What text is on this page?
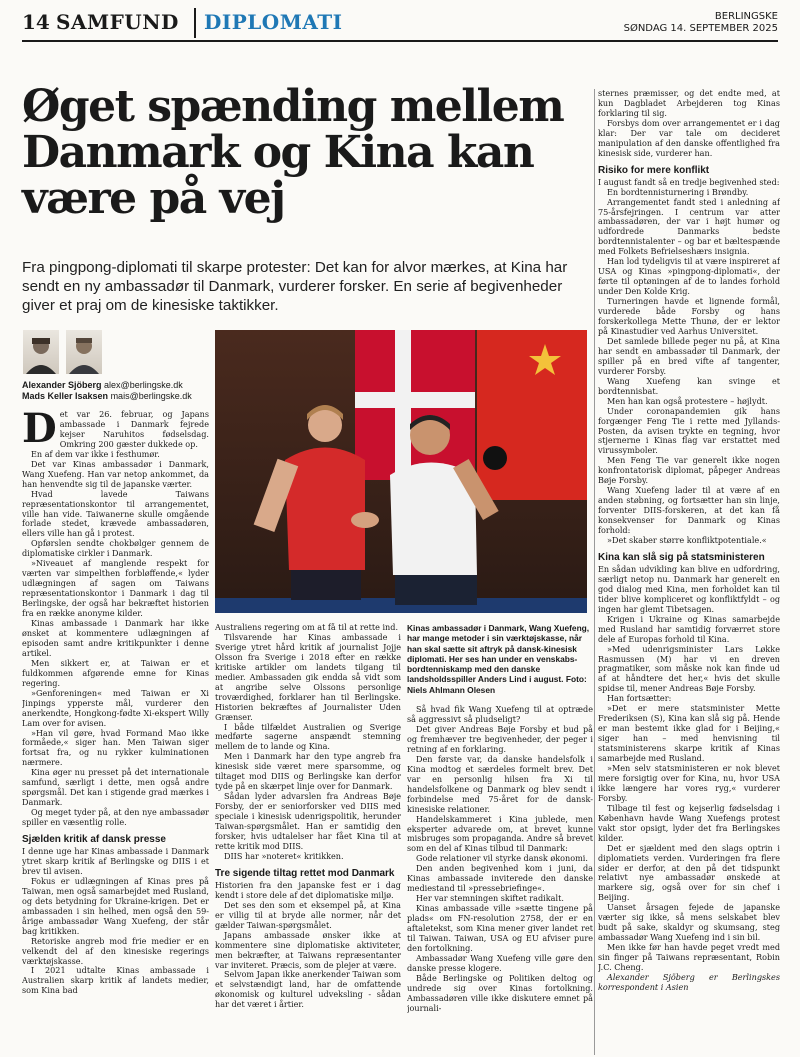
14 SAMFUND DIPLOMATI	BERLINGSKE
SØNDAG 14. SEPTEMBER 2025
Øget spænding mellem Danmark og Kina kan være på vej
Fra pingpong-diplomati til skarpe protester: Det kan for alvor mærkes, at Kina har sendt en ny ambassadør til Danmark, vurderer forsker. En serie af begivenheder giver et praj om de kinesiske taktikker.
Alexander Sjöberg alex@berlingske.dk
Mads Keller Isaksen mais@berlingske.dk
D et var 26. februar, og Japans ambassade i Danmark fejrede kejser Naruhitos fødselsdag. Omkring 200 gæster dukkede op.

En af dem var ikke i festhumør.

Det var Kinas ambassadør i Danmark, Wang Xuefeng. Han var netop ankommet, da han henvendte sig til de japanske værter.

Hvad lavede Taiwans repræsentationskontor til arrangementet, ville han vide. Taiwanerne skulle omgående forlade stedet, krævede ambassadøren, ellers ville han gå i protest.

Opførslen sendte chokbølger gennem de diplomatiske cirkler i Danmark.

»Niveauet af manglende respekt for værten var simpelthen forbløffende,« lyder udlægningen af sagen om Taiwans repræsentationskontor i Danmark i dag til Berlingske, der også har bekræftet historien fra en række anonyme kilder.

Kinas ambassade i Danmark har ikke ønsket at kommentere udlægningen af episoden samt andre kritikpunkter i denne artikel.

Men sikkert er, at Taiwan er et fuldkommen afgørende emne for Kinas regering.

»Genforeningen« med Taiwan er Xi Jinpings ypperste mål, vurderer den anerkendte, Hongkong-fødte Xi-ekspert Willy Lam over for avisen.

»Han vil gøre, hvad Formand Mao ikke formåede,« siger han. Men Taiwan siger fortsat fra, og nu rykker kulminationen nærmere.

Kina øger nu presset på det internationale samfund, særligt i dette, men også andre spørgsmål. Det kan i stigende grad mærkes i Danmark.

Og meget tyder på, at den nye ambassadør spiller en væsentlig rolle.

Sjælden kritik af dansk presse

I denne uge har Kinas ambassade i Danmark ytret skarp kritik af Berlingske og DIIS i et brev til avisen.

Fokus er udlægningen af Kinas pres på Taiwan, men også samarbejdet med Rusland, og dets betydning for Ukraine-krigen. Det er ambassaden i sin helhed, men også den 59-årige ambassadør Wang Xuefeng, der står bag kritikken.

Retoriske angreb mod frie medier er en velkendt del af den kinesiske regerings værktøjskasse.

I 2021 udtalte Kinas ambassade i Australien skarp kritik af landets medier, som Kina bad

Australiens regering om at få til at rette ind.

Tilsvarende har Kinas ambassade i Sverige ytret hård kritik af journalist Jojje Olsson fra Sverige i 2018 efter en række kritiske artikler om landets tilgang til medier. Ambassaden gik endda så vidt som at angribe selve Olssons personlige troværdighed, forklarer han til Berlingske. Historien bekræftes af Journalister Uden Grænser.

I både tilfældet Australien og Sverige medførte sagerne anspændt stemning mellem de to lande og Kina.

Men i Danmark har den type angreb fra kinesisk side været mere sparsomme, og tiltaget mod DIIS og Berlingske kan derfor tyde på en skærpet linje over for Danmark.

Sådan lyder advarslen fra Andreas Bøje Forsby, der er seniorforsker ved DIIS med speciale i kinesisk udenrigspolitik, herunder Taiwan-spørgsmålet. Han er samtidig den forsker, hvis udtalelser har fået Kina til at rette kritik mod DIIS.

DIIS har »noteret« kritikken.

Tre sigende tiltag rettet mod Danmark

Historien fra den japanske fest er i dag kendt i store dele af det diplomatiske miljø.

Det ses den som et eksempel på, at Kina er villig til at bryde alle normer, når det gælder Taiwan-spørgsmålet.

Japans ambassade ønsker ikke at kommentere sine diplomatiske aktiviteter, men bekræfter, at Taiwans repræsentanter var inviteret. Præcis, som de plejer at være.

Selvom Japan ikke anerkender Taiwan som et selvstændigt land, har de omfattende økonomisk og kulturel udveksling - sådan har det været i årtier.

Kinas ambassadør i Danmark, Wang Xuefeng, har mange metoder i sin værktøjskasse, når han skal sætte sit aftryk på dansk-kinesisk diplomati. Her ses han under en venskabs-bordtenniskamp med den danske landsholdsspiller Anders Lind i august. Foto: Niels Ahlmann Olesen

Så hvad fik Wang Xuefeng til at optræde så aggressivt så pludseligt?

Det giver Andreas Bøje Forsby et bud på og fremhæver tre begivenheder, der peger i retning af en forklaring.

Den første var, da danske handelsfolk i Kina modtog et særdeles formelt brev. Det var en personlig hilsen fra Xi til handelsfolkene og Danmark og blev sendt i forbindelse med 75-året for de dansk-kinesiske relationer.

Handelskammeret i Kina jublede, men eksperter advarede om, at brevet kunne misbruges som propaganda. Andre så brevet som en del af Kinas tilbud til Danmark:

Gode relationer vil styrke dansk økonomi.

Den anden begivenhed kom i juni, da Kinas ambassade inviterede den danske mediestand til »pressebriefinge«.

Her var stemningen skiftet radikalt.

Kinas ambassade ville »sætte tingene på plads« om FN-resolution 2758, der er en aftaletekst, som Kina mener giver landet ret til Taiwan. Taiwan, USA og EU afviser pure den fortolkning.

Ambassadør Wang Xuefeng ville gøre den danske presse klogere.

Både Berlingske og Politiken deltog og undrede sig over Kinas fortolkning. Ambassadøren ville ikke diskutere emnet på journali-

sternes præmisser, og det endte med, at kun Dagbladet Arbejderen tog Kinas forklaring til sig.

Forsbys dom over arrangementet er i dag klar: Der var tale om decideret manipulation af den danske offentlighed fra kinesisk side, vurderer han.

Risiko for mere konflikt

I august fandt så en tredje begivenhed sted:

En bordtennisturnering i Brøndby.

Arrangementet fandt sted i anledning af 75-årsfejringen. I centrum var atter ambassadøren, der var i højt humør og udfordrede Danmarks bedste bordtennistalenter – og bar et bæltespænde med Folkets Befrielseshærs insignia.

Han lod tydeligvis til at være inspireret af USA og Kinas »pingpong-diplomati«, der førte til optøningen af de to landes forhold under Den Kolde Krig.

Turneringen havde et lignende formål, vurderede både Forsby og hans forskerkollega Mette Thunø, der er lektor på Kinastudier ved Aarhus Universitet.

Det samlede billede peger nu på, at Kina har sendt en ambassadør til Danmark, der spiller på en bred vifte af tangenter, vurderer Forsby.

Wang Xuefeng kan svinge et bordtennisbat.

Men han kan også protestere – højlydt.

Under coronapandemien gik hans forgænger Feng Tie i rette med Jyllands-Posten, da avisen trykte en tegning, hvor stjernerne i Kinas flag var erstattet med virussymboler.

Men Feng Tie var generelt ikke nogen konfrontatorisk diplomat, påpeger Andreas Bøje Forsby.

Wang Xuefeng lader til at være af en anden støbning, og fortsætter han sin linje, forventer DIIS-forskeren, at det kan få konsekvenser for Danmark og Kinas forhold:

»Det skaber større konfliktpotentiale.«

Kina kan slå sig på statsministeren

En sådan udvikling kan blive en udfordring, særligt netop nu. Danmark har generelt en god dialog med Kina, men forholdet kan til tider blive kompliceret og konfliktfyldt – og ingen har glemt Tibetsagen.

Krigen i Ukraine og Kinas samarbejde med Rusland har samtidig forværret store dele af Europas forhold til Kina.

»Med udenrigsminister Lars Løkke Rasmussen (M) har vi en dreven pragmatiker, som måske nok kan finde ud af at håndtere det her,« hvis det skulle spidse til, mener Andreas Bøje Forsby.

Han fortsætter:

»Det er mere statsminister Mette Frederiksen (S), Kina kan slå sig på. Hende er man bestemt ikke glad for i Beijing,« siger han – med henvisning til statsministerens skarpe kritik af Kinas samarbejde med Rusland.

»Men selv statsministeren er nok blevet mere forsigtig over for Kina, nu, hvor USA ikke længere har vores ryg,« vurderer Forsby.

Tilbage til fest og kejserlig fødselsdag i København havde Wang Xuefengs protest vakt stor opsigt, lyder det fra Berlingskes kilder.

Det er sjældent med den slags optrin i diplomatiets verden. Vurderingen fra flere sider er derfor, at den på det tidspunkt relativt nye ambassadør ønskede at markere sig, også over for sin chef i Beijing.

Uanset årsagen fejede de japanske værter sig ikke, så mens selskabet blev budt på sake, skaldyr og skumsang, steg ambassadør Wang Xuefeng ind i sin bil.

Men ikke før han havde peget vredt med sin finger på Taiwans repræsentant, Robin J.C. Cheng.

Alexander Sjöberg er Berlingskes korrespondent i Asien
